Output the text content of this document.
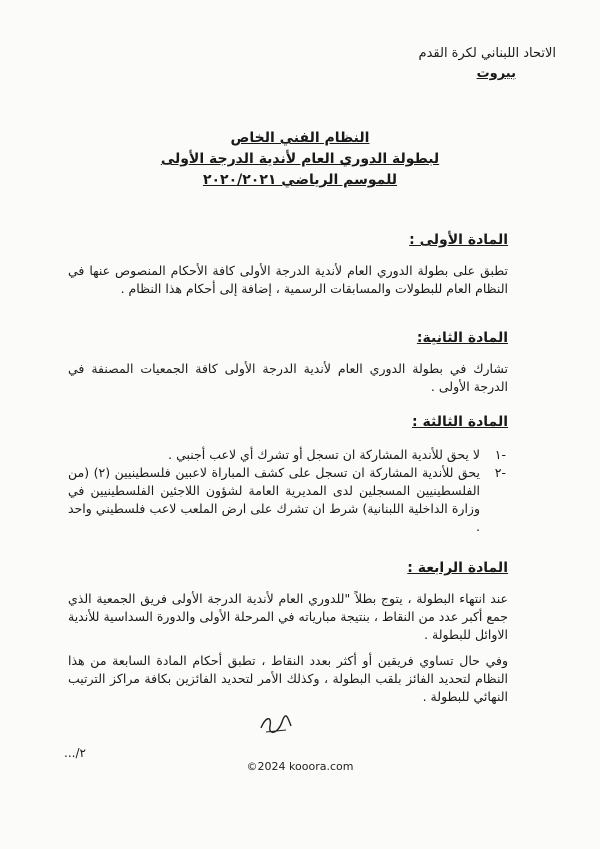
الاتحاد اللبناني لكرة القدم
بيروت
النظام الفني الخاص
لبطولة الدوري العام لأندية الدرجة الأولى
للموسم الرياضي ٢٠٢٠/٢٠٢١
المادة الأولى :
تطبق على بطولة الدوري العام لأندية الدرجة الأولى كافة الأحكام المنصوص عنها في النظام العام للبطولات والمسابقات الرسمية ، إضافة إلى أحكام هذا النظام .
المادة الثانية:
تشارك في بطولة الدوري العام لأندية الدرجة الأولى كافة الجمعيات المصنفة في الدرجة الأولى .
المادة الثالثة :
-١
لا يحق للأندية المشاركة ان تسجل أو تشرك أي لاعب أجنبي .
-٢
يحق للأندية المشاركة ان تسجل على كشف المباراة لاعبين فلسطينيين (٢) (من الفلسطينيين المسجلين لدى المديرية العامة لشؤون اللاجئين الفلسطينيين في وزارة الداخلية اللبنانية) شرط ان تشرك على ارض الملعب لاعب فلسطيني واحد .
المادة الرابعة :
عند انتهاء البطولة ، يتوج بطلاً "للدوري العام لأندية الدرجة الأولى فريق الجمعية الذي جمع أكبر عدد من النقاط ، بنتيجة مبارياته في المرحلة الأولى والدورة السداسية للأندية الاوائل للبطولة .
وفي حال تساوي فريقين أو أكثر بعدد النقاط ، تطبق أحكام المادة السابعة من هذا النظام لتحديد الفائز بلقب البطولة ، وكذلك الأمر لتحديد الفائزين بكافة مراكز الترتيب النهائي للبطولة .
٢/...
©2024 kooora.com
